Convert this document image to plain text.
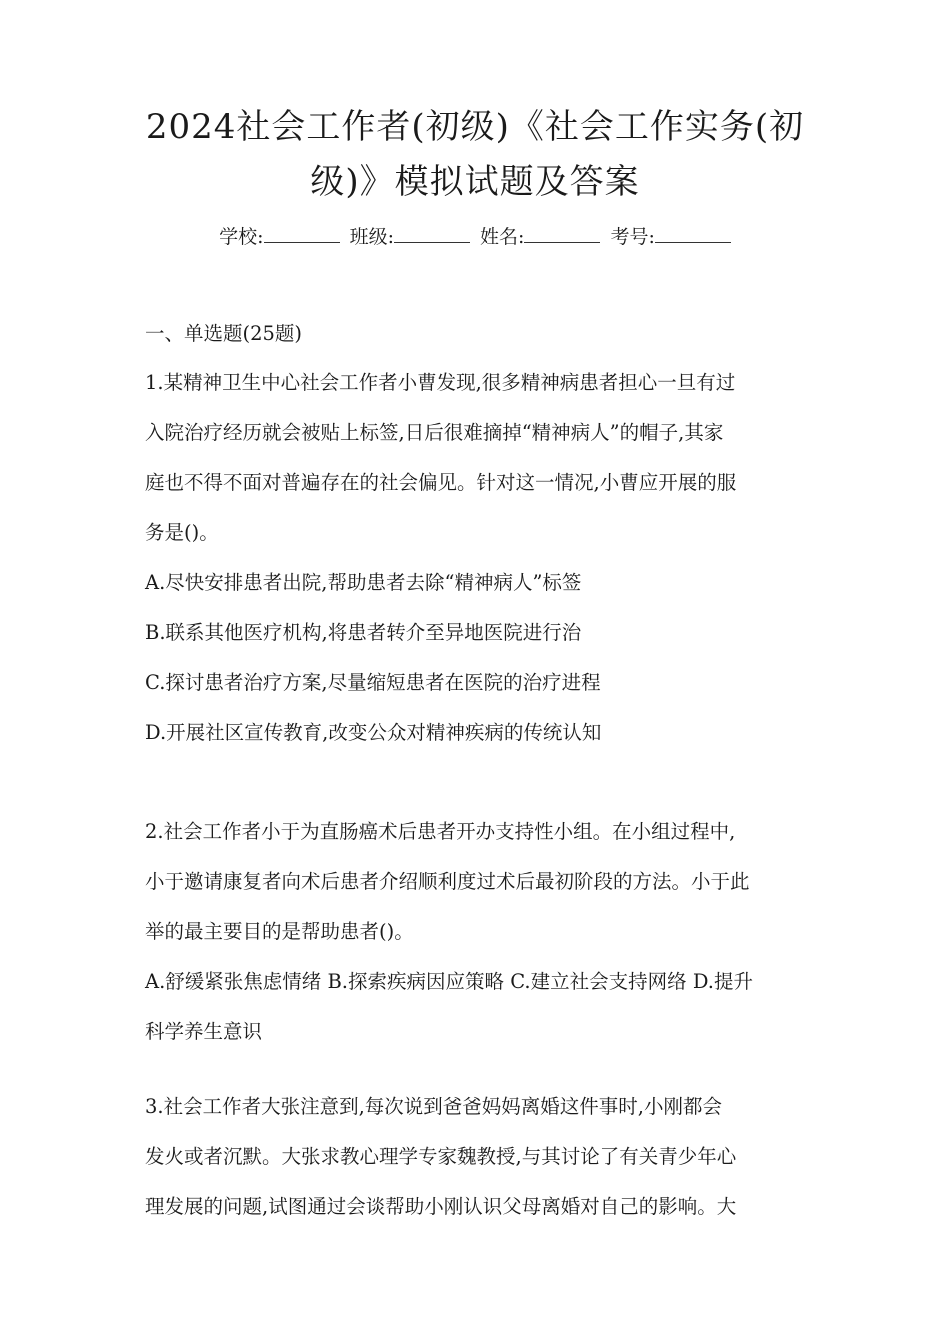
2024社会工作者(初级)《社会工作实务(初
级)》模拟试题及答案
学校:	班级:	姓名:	考号:
一、单选题(25题)
1.某精神卫生中心社会工作者小曹发现,很多精神病患者担心一旦有过
入院治疗经历就会被贴上标签,日后很难摘掉“精神病人”的帽子,其家
庭也不得不面对普遍存在的社会偏见。针对这一情况,小曹应开展的服
务是()。
A.尽快安排患者出院,帮助患者去除“精神病人”标签
B.联系其他医疗机构,将患者转介至异地医院进行治
C.探讨患者治疗方案,尽量缩短患者在医院的治疗进程
D.开展社区宣传教育,改变公众对精神疾病的传统认知
2.社会工作者小于为直肠癌术后患者开办支持性小组。在小组过程中,
小于邀请康复者向术后患者介绍顺利度过术后最初阶段的方法。小于此
举的最主要目的是帮助患者()。
A.舒缓紧张焦虑情绪 B.探索疾病因应策略 C.建立社会支持网络 D.提升
科学养生意识
3.社会工作者大张注意到,每次说到爸爸妈妈离婚这件事时,小刚都会
发火或者沉默。大张求教心理学专家魏教授,与其讨论了有关青少年心
理发展的问题,试图通过会谈帮助小刚认识父母离婚对自己的影响。大
